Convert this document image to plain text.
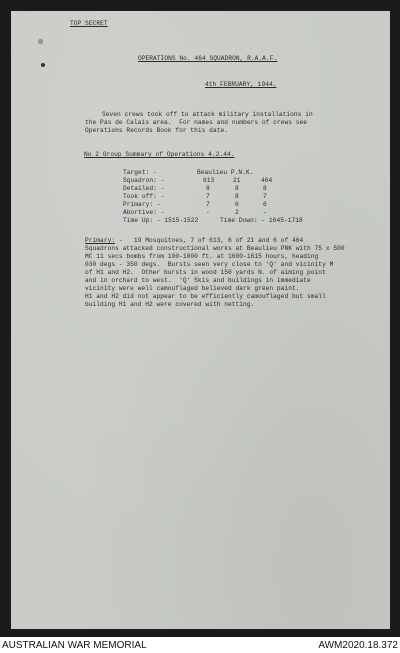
TOP SECRET
OPERATIONS No. 464 SQUADRON, R.A.A.F.
4th FEBRUARY, 1944.
Seven crews took off to attack military installations in
the Pas de Calais area.  For names and numbers of crews see
Operations Records Book for this date.
No 2 Group Summary of Operations 4.2.44.
Target: -	Beaulieu P.N.K.
Squadron: -	613	21	464
Detailed: -	8	8	8
Took off: -	7	8	7
Primary: -	7	6	6
Abortive: -	-	2	-
Time Up: - 1515-1522	Time Down: - 1645-1718
Primary: -   19 Mosquitoes, 7 of 613, 6 of 21 and 6 of 464
Squadrons attacked constructional works at Beaulieu PNK with 75 x 500
MC 11 secs bombs from 100-1000 ft. at 1600-1615 hours, heading
030 degs - 350 degs.  Bursts seen very close to 'Q' and vicinity M
of H1 and H2.  Other bursts in wood 150 yards N. of aiming point
and in orchard to west.  'Q' Skis and buildings in immediate
vicinity were well camouflaged believed dark green paint.
H1 and H2 did not appear to be efficiently camouflaged but small
building H1 and H2 were covered with netting.
AUSTRALIAN WAR MEMORIAL	AWM2020.18.372
